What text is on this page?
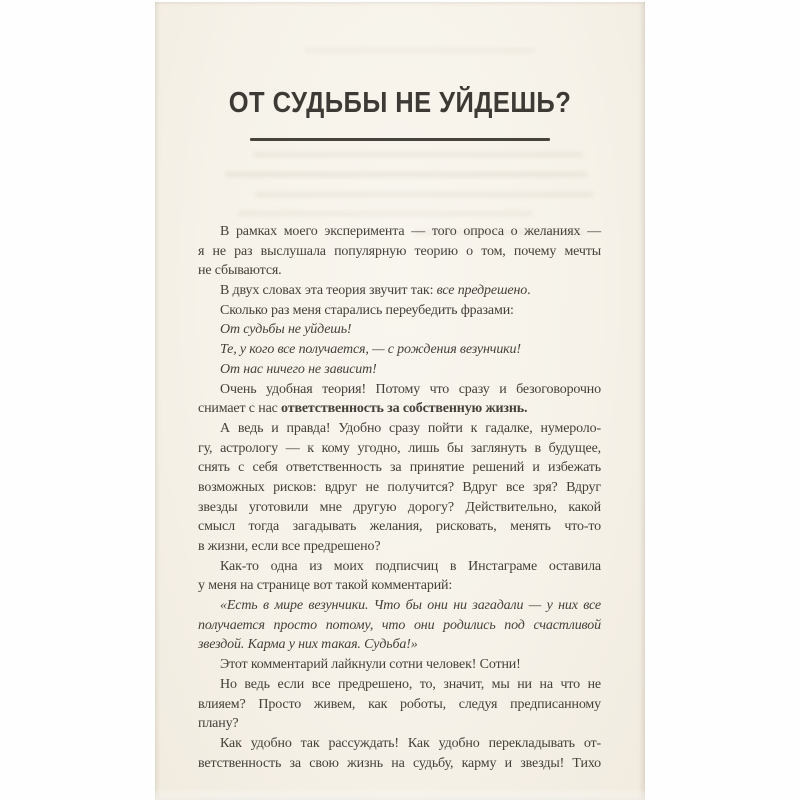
ОТ СУДЬБЫ НЕ УЙДЕШЬ?
В рамках моего эксперимента — того опроса о желаниях —
я не раз выслушала популярную теорию о том, почему мечты
не сбываются.
В двух словах эта теория звучит так: все предрешено.
Сколько раз меня старались переубедить фразами:
От судьбы не уйдешь!
Те, у кого все получается, — с рождения везунчики!
От нас ничего не зависит!
Очень удобная теория! Потому что сразу и безоговорочно
снимает с нас ответственность за собственную жизнь.
А ведь и правда! Удобно сразу пойти к гадалке, нумероло-
гу, астрологу — к кому угодно, лишь бы заглянуть в будущее,
снять с себя ответственность за принятие решений и избежать
возможных рисков: вдруг не получится? Вдруг все зря? Вдруг
звезды уготовили мне другую дорогу? Действительно, какой
смысл тогда загадывать желания, рисковать, менять что-то
в жизни, если все предрешено?
Как-то одна из моих подписчиц в Инстаграме оставила
у меня на странице вот такой комментарий:
«Есть в мире везунчики. Что бы они ни загадали — у них все
получается просто потому, что они родились под счастливой
звездой. Карма у них такая. Судьба!»
Этот комментарий лайкнули сотни человек! Сотни!
Но ведь если все предрешено, то, значит, мы ни на что не
влияем? Просто живем, как роботы, следуя предписанному
плану?
Как удобно так рассуждать! Как удобно перекладывать от-
ветственность за свою жизнь на судьбу, карму и звезды! Тихо
